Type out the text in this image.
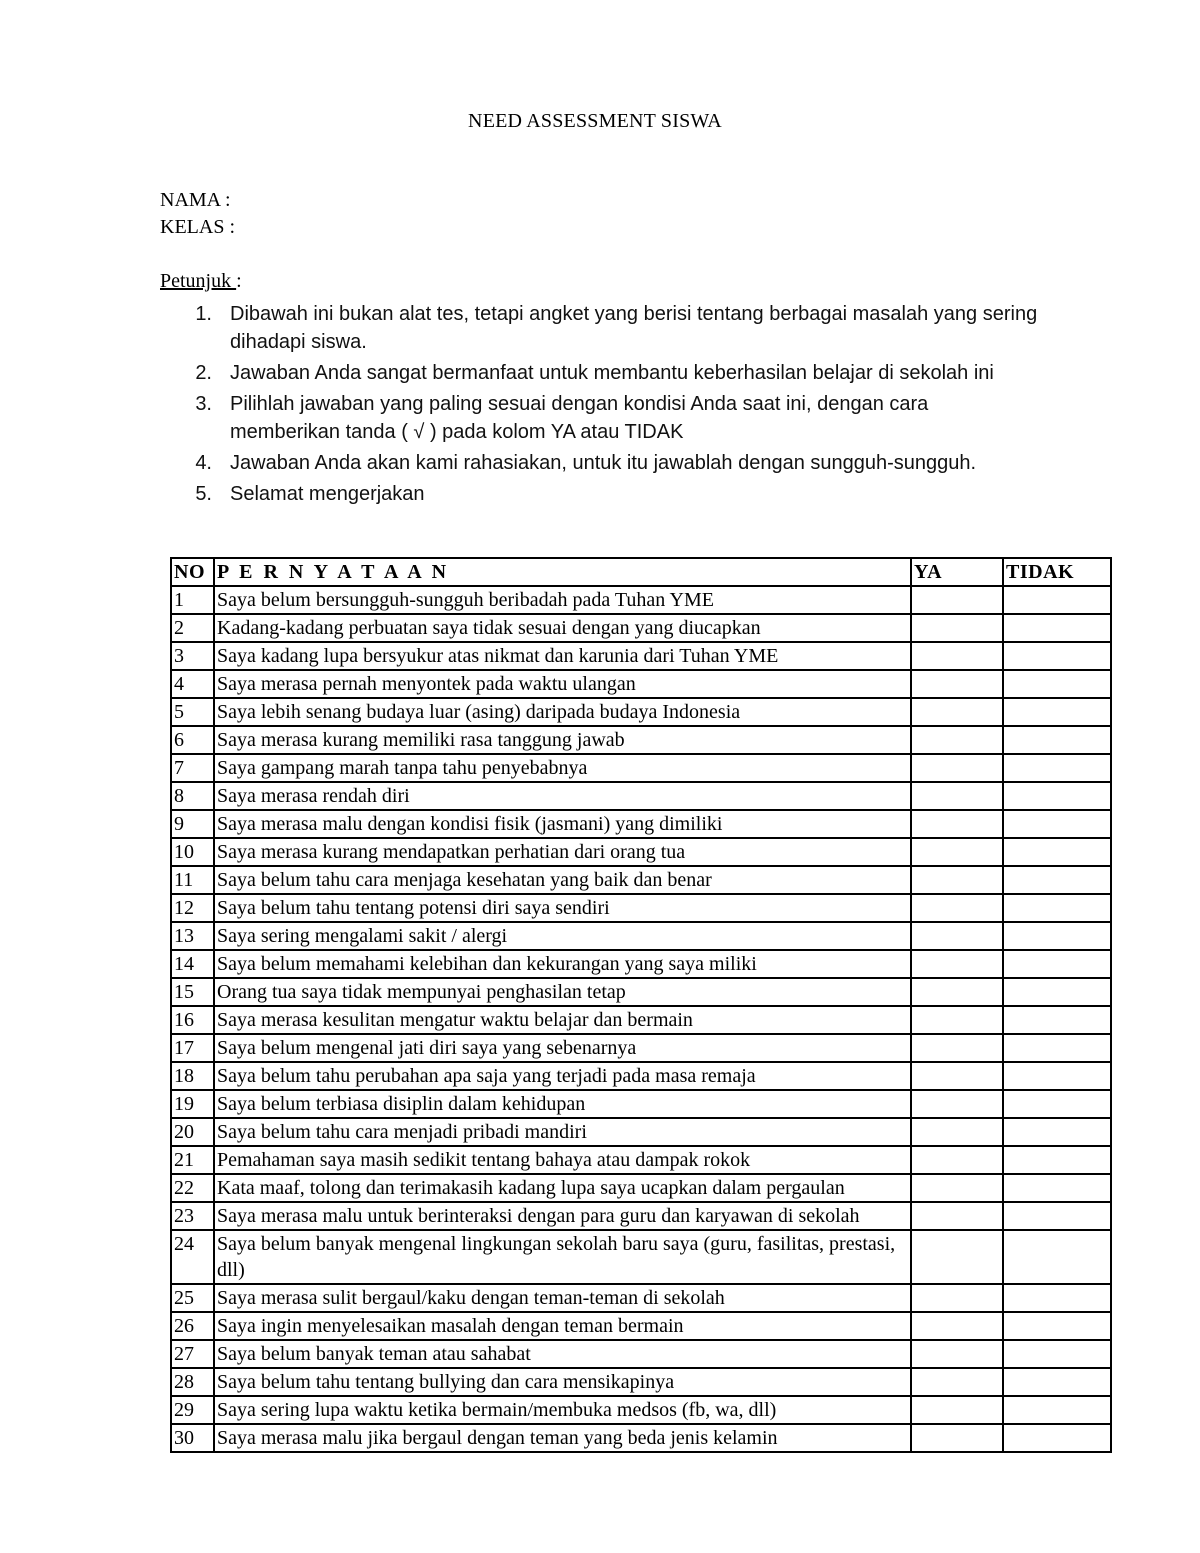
NEED ASSESSMENT SISWA
NAMA :
KELAS :
Petunjuk :
1. Dibawah ini bukan alat tes, tetapi angket yang berisi tentang berbagai masalah yang sering dihadapi siswa.
2. Jawaban Anda sangat bermanfaat untuk membantu keberhasilan belajar di sekolah ini
3. Pilihlah jawaban yang paling sesuai dengan kondisi Anda saat ini, dengan cara memberikan tanda ( √ ) pada kolom YA atau TIDAK
4. Jawaban Anda akan kami rahasiakan, untuk itu jawablah dengan sungguh-sungguh.
5. Selamat mengerjakan
NO	P E R N Y A T A A N	YA	TIDAK
1	Saya belum bersungguh-sungguh beribadah pada Tuhan YME		
2	Kadang-kadang perbuatan saya tidak sesuai dengan yang diucapkan		
3	Saya kadang lupa bersyukur atas nikmat dan karunia dari Tuhan YME		
4	Saya merasa pernah menyontek pada waktu ulangan		
5	Saya lebih senang budaya luar (asing) daripada budaya Indonesia		
6	Saya merasa kurang memiliki rasa tanggung jawab		
7	Saya gampang marah tanpa tahu penyebabnya		
8	Saya merasa rendah diri		
9	Saya merasa malu dengan kondisi fisik (jasmani) yang dimiliki		
10	Saya merasa kurang mendapatkan perhatian dari orang tua		
11	Saya belum tahu cara menjaga kesehatan yang baik dan benar		
12	Saya belum tahu tentang potensi diri saya sendiri		
13	Saya sering mengalami sakit / alergi		
14	Saya belum memahami kelebihan dan kekurangan yang saya miliki		
15	Orang tua saya tidak mempunyai penghasilan tetap		
16	Saya merasa kesulitan mengatur waktu belajar dan bermain		
17	Saya belum mengenal jati diri saya yang sebenarnya		
18	Saya belum tahu perubahan apa saja yang terjadi pada masa remaja		
19	Saya belum terbiasa disiplin dalam kehidupan		
20	Saya belum tahu cara menjadi pribadi mandiri		
21	Pemahaman saya masih sedikit tentang bahaya atau dampak rokok		
22	Kata maaf, tolong dan terimakasih kadang lupa saya ucapkan dalam pergaulan		
23	Saya merasa malu untuk berinteraksi dengan para guru dan karyawan di sekolah		
24	Saya belum banyak mengenal lingkungan sekolah baru saya (guru, fasilitas, prestasi, dll)		
25	Saya merasa sulit bergaul/kaku dengan teman-teman di sekolah		
26	Saya ingin menyelesaikan masalah dengan teman bermain		
27	Saya belum banyak teman atau sahabat		
28	Saya belum tahu tentang bullying dan cara mensikapinya		
29	Saya sering lupa waktu ketika bermain/membuka medsos (fb, wa, dll)		
30	Saya merasa malu jika bergaul dengan teman yang beda jenis kelamin		
